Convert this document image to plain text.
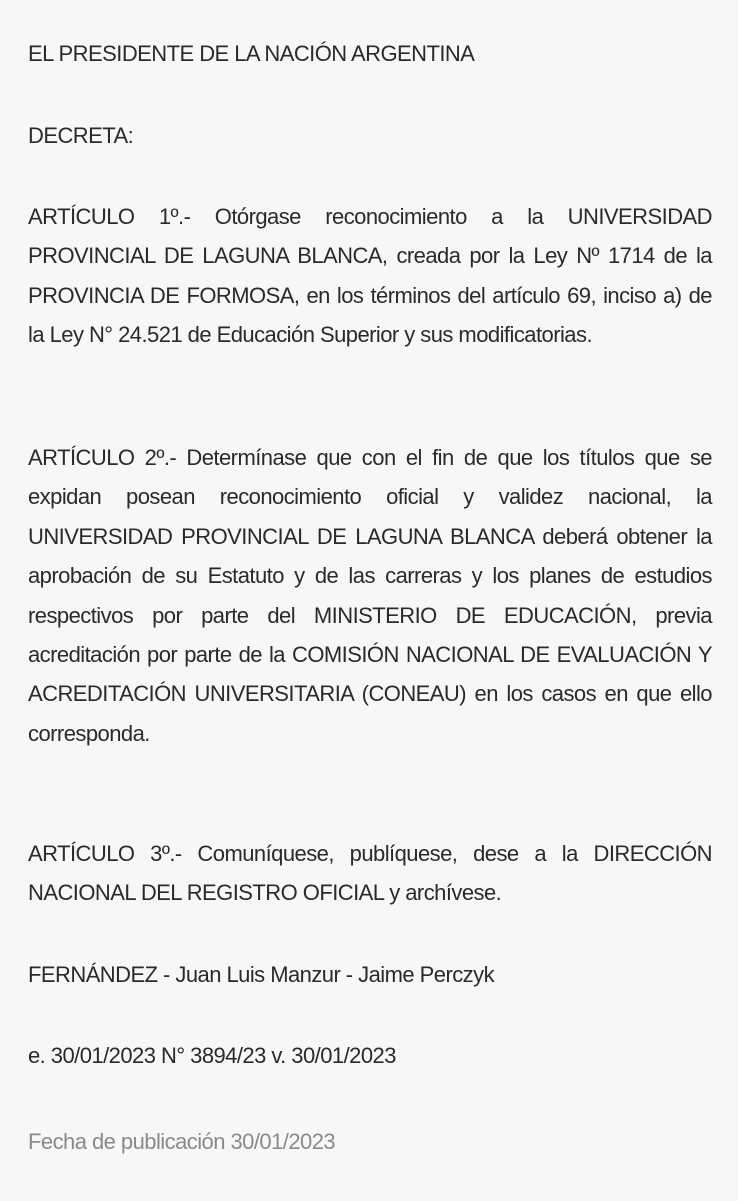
EL PRESIDENTE DE LA NACIÓN ARGENTINA
DECRETA:
ARTÍCULO 1º.- Otórgase reconocimiento a la UNIVERSIDAD PROVINCIAL DE LAGUNA BLANCA, creada por la Ley Nº 1714 de la PROVINCIA DE FORMOSA, en los términos del artículo 69, inciso a) de la Ley N° 24.521 de Educación Superior y sus modificatorias.
ARTÍCULO 2º.- Determínase que con el fin de que los títulos que se expidan posean reconocimiento oficial y validez nacional, la UNIVERSIDAD PROVINCIAL DE LAGUNA BLANCA deberá obtener la aprobación de su Estatuto y de las carreras y los planes de estudios respectivos por parte del MINISTERIO DE EDUCACIÓN, previa acreditación por parte de la COMISIÓN NACIONAL DE EVALUACIÓN Y ACREDITACIÓN UNIVERSITARIA (CONEAU) en los casos en que ello corresponda.
ARTÍCULO 3º.- Comuníquese, publíquese, dese a la DIRECCIÓN NACIONAL DEL REGISTRO OFICIAL y archívese.
FERNÁNDEZ - Juan Luis Manzur - Jaime Perczyk
e. 30/01/2023 N° 3894/23 v. 30/01/2023
Fecha de publicación 30/01/2023
